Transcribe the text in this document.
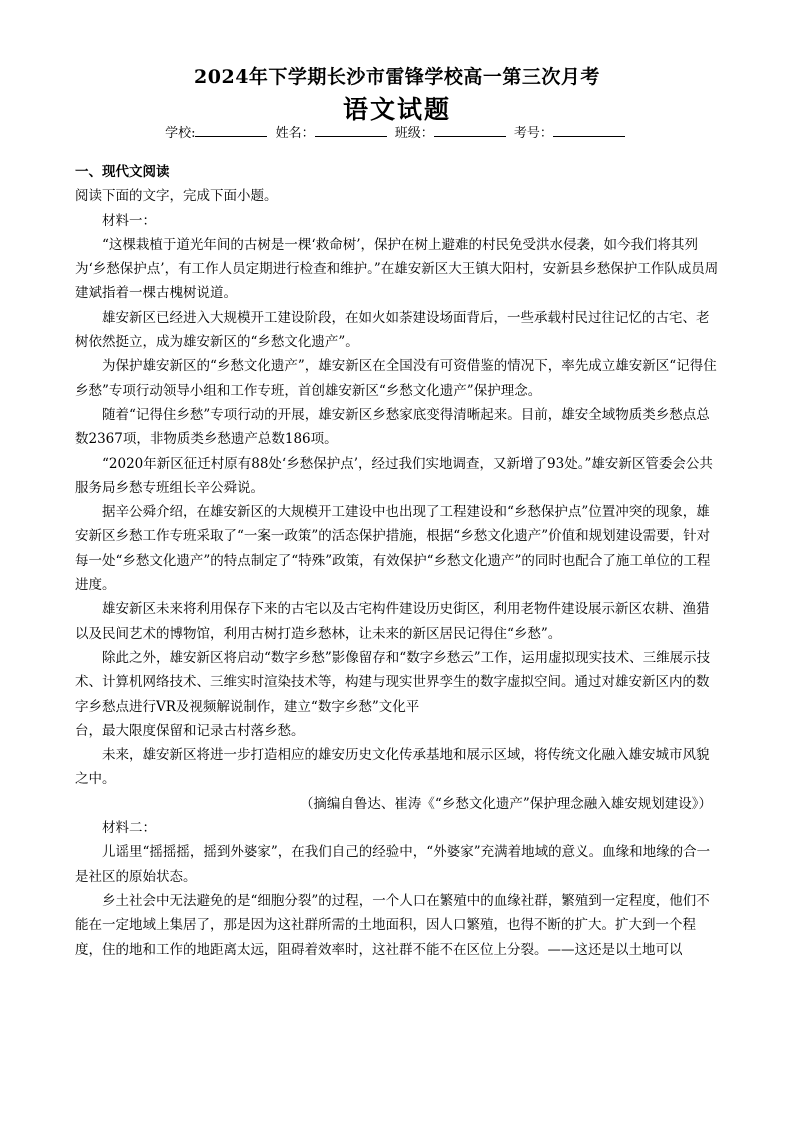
2024年下学期长沙市雷锋学校高一第三次月考
语文试题
学校:	姓名：	班级：	考号：

一、现代文阅读

阅读下面的文字，完成下面小题。

材料一：

“这棵栽植于道光年间的古树是一棵‘救命树’，保护在树上避难的村民免受洪水侵袭，如今我们将其列为‘乡愁保护点’，有工作人员定期进行检查和维护。”在雄安新区大王镇大阳村，安新县乡愁保护工作队成员周建斌指着一棵古槐树说道。

雄安新区已经进入大规模开工建设阶段，在如火如荼建设场面背后，一些承载村民过往记忆的古宅、老树依然挺立，成为雄安新区的“乡愁文化遗产”。

为保护雄安新区的“乡愁文化遗产”，雄安新区在全国没有可资借鉴的情况下，率先成立雄安新区“记得住乡愁”专项行动领导小组和工作专班，首创雄安新区“乡愁文化遗产”保护理念。

随着“记得住乡愁”专项行动的开展，雄安新区乡愁家底变得清晰起来。目前，雄安全域物质类乡愁点总数2367项，非物质类乡愁遗产总数186项。

“2020年新区征迁村原有88处‘乡愁保护点’，经过我们实地调查，又新增了93处。”雄安新区管委会公共服务局乡愁专班组长辛公舜说。

据辛公舜介绍，在雄安新区的大规模开工建设中也出现了工程建设和“乡愁保护点”位置冲突的现象，雄安新区乡愁工作专班采取了“一案一政策”的活态保护措施，根据“乡愁文化遗产”价值和规划建设需要，针对每一处“乡愁文化遗产”的特点制定了“特殊”政策，有效保护“乡愁文化遗产”的同时也配合了施工单位的工程进度。

雄安新区未来将利用保存下来的古宅以及古宅构件建设历史街区，利用老物件建设展示新区农耕、渔猎以及民间艺术的博物馆，利用古树打造乡愁林，让未来的新区居民记得住“乡愁”。

除此之外，雄安新区将启动“数字乡愁”影像留存和“数字乡愁云”工作，运用虚拟现实技术、三维展示技术、计算机网络技术、三维实时渲染技术等，构建与现实世界孪生的数字虚拟空间。通过对雄安新区内的数字乡愁点进行VR及视频解说制作，建立“数字乡愁”文化平

台，最大限度保留和记录古村落乡愁。

未来，雄安新区将进一步打造相应的雄安历史文化传承基地和展示区域，将传统文化融入雄安城市风貌之中。

（摘编自鲁达、崔涛《“乡愁文化遗产”保护理念融入雄安规划建设》）

材料二：

儿谣里“摇摇摇，摇到外婆家”，在我们自己的经验中，“外婆家”充满着地域的意义。血缘和地缘的合一是社区的原始状态。

乡土社会中无法避免的是“细胞分裂”的过程，一个人口在繁殖中的血缘社群，繁殖到一定程度，他们不能在一定地域上集居了，那是因为这社群所需的土地面积，因人口繁殖，也得不断的扩大。扩大到一个程度，住的地和工作的地距离太远，阻碍着效率时，这社群不能不在区位上分裂。——这还是以土地可以
